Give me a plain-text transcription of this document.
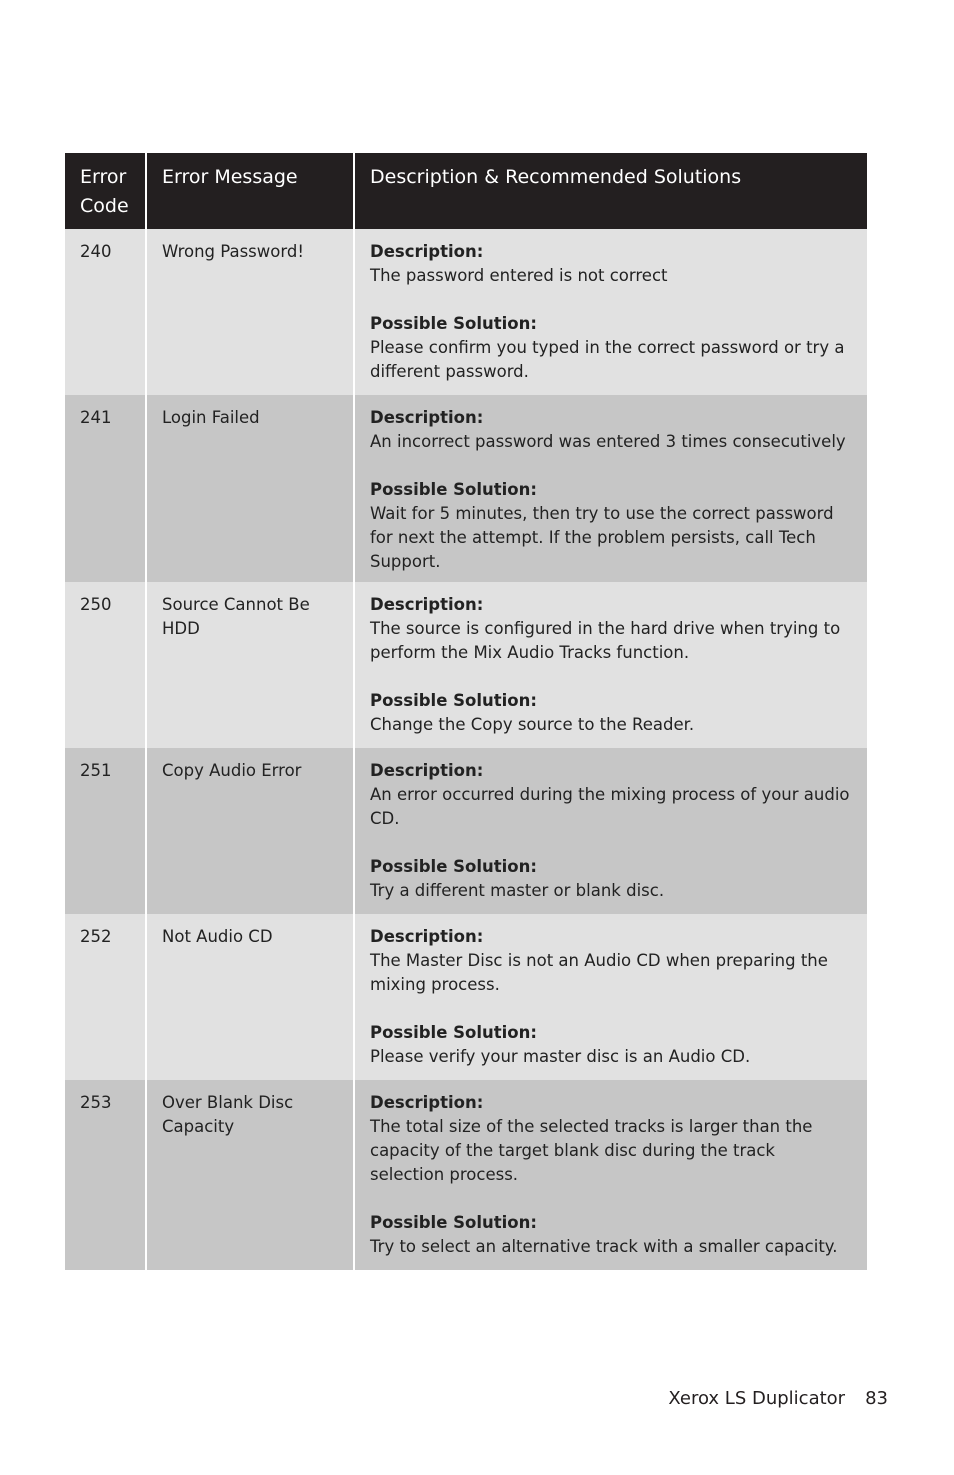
Error Code	Error Message	Description & Recommended Solutions
240	Wrong Password!	Description:
The password entered is not correct
Possible Solution:
Please confirm you typed in the correct password or try a different password.

241	Login Failed	Description:
An incorrect password was entered 3 times consecutively
Possible Solution:
Wait for 5 minutes, then try to use the correct password for next the attempt. If the problem persists, call Tech Support.

250	Source Cannot Be HDD	Description:
The source is configured in the hard drive when trying to perform the Mix Audio Tracks function.
Possible Solution:
Change the Copy source to the Reader.

251	Copy Audio Error	Description:
An error occurred during the mixing process of your audio CD.
Possible Solution:
Try a different master or blank disc.

252	Not Audio CD	Description:
The Master Disc is not an Audio CD when preparing the mixing process.
Possible Solution:
Please verify your master disc is an Audio CD.

253	Over Blank Disc Capacity	Description:
The total size of the selected tracks is larger than the capacity of the target blank disc during the track selection process.
Possible Solution:
Try to select an alternative track with a smaller capacity.
Xerox LS Duplicator 83
